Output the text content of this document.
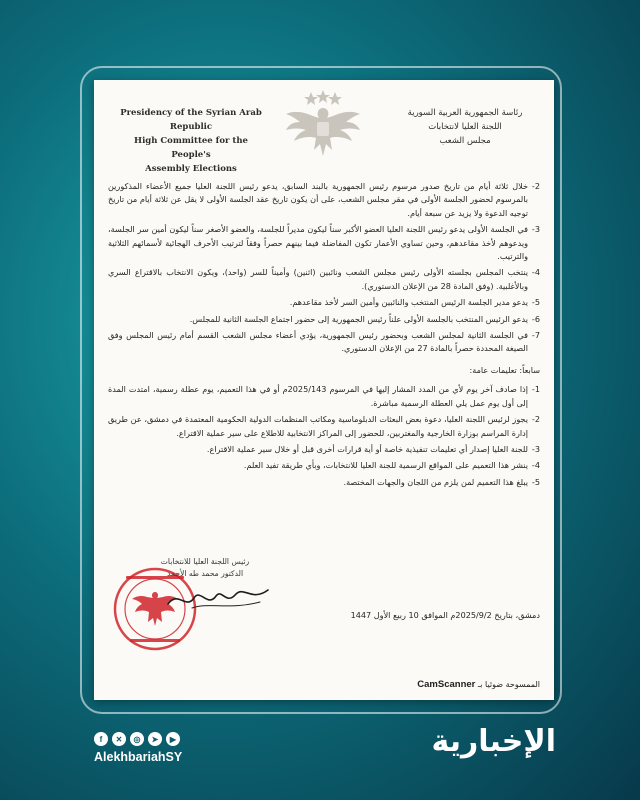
Presidency of the Syrian Arab Republic
High Committee for the People's
Assembly Elections
رئاسة الجمهورية العربية السورية
اللجنة العليا لانتخابات
مجلس الشعب
2-
خلال ثلاثة أيام من تاريخ صدور مرسوم رئيس الجمهورية بالبند السابق، يدعو رئيس اللجنة العليا جميع الأعضاء المذكورين بالمرسوم لحضور الجلسة الأولى في مقر مجلس الشعب، على أن يكون تاريخ عقد الجلسة الأولى لا يقل عن ثلاثة أيام من تاريخ توجيه الدعوة ولا يزيد عن سبعة أيام.
3-
في الجلسة الأولى يدعو رئيس اللجنة العليا العضو الأكبر سناً ليكون مديراً للجلسة، والعضو الأصغر سناً ليكون أمين سر الجلسة، ويدعوهم لأخذ مقاعدهم، وحين تساوي الأعمار تكون المفاضلة فيما بينهم حصراً وفقاً لترتيب الأحرف الهجائية لأسمائهم الثلاثية والترتيب.
4-
ينتخب المجلس بجلسته الأولى رئيس مجلس الشعب ونائبين (اثنين) وأميناً للسر (واحد)، ويكون الانتخاب بالاقتراع السري وبالأغلبية. (وفق المادة 28 من الإعلان الدستوري).
5-
يدعو مدير الجلسة الرئيس المنتخب والنائبين وأمين السر لأخذ مقاعدهم.
6-
يدعو الرئيس المنتخب بالجلسة الأولى علناً رئيس الجمهورية إلى حضور اجتماع الجلسة الثانية للمجلس.
7-
في الجلسة الثانية لمجلس الشعب وبحضور رئيس الجمهورية، يؤدي أعضاء مجلس الشعب القسم أمام رئيس المجلس وفق الصيغة المحددة حصراً بالمادة 27 من الإعلان الدستوري.
سابعاً: تعليمات عامة:
1-
إذا صادف آخر يوم لأي من المدد المشار إليها في المرسوم 2025/143م أو في هذا التعميم، يوم عطلة رسمية، امتدت المدة إلى أول يوم عمل يلي العطلة الرسمية مباشرة.
2-
يجوز لرئيس اللجنة العليا، دعوة بعض البعثات الدبلوماسية ومكاتب المنظمات الدولية الحكومية المعتمدة في دمشق، عن طريق إدارة المراسم بوزارة الخارجية والمغتربين، للحضور إلى المراكز الانتخابية للاطلاع على سير عملية الاقتراع.
3-
للجنة العليا إصدار أي تعليمات تنفيذية خاصة أو أية قرارات أخرى قبل أو خلال سير عملية الاقتراع.
4-
ينشر هذا التعميم على المواقع الرسمية للجنة العليا للانتخابات، وبأي طريقة تفيد العلم.
5-
يبلغ هذا التعميم لمن يلزم من اللجان والجهات المختصة.
رئيس اللجنة العليا للانتخابات
الدكتور محمد طه الأحمد
دمشق، بتاريخ 2025/9/2م الموافق 10 ربيع الأول 1447
الممسوحة ضوئيا بـ CamScanner
f	✕	◎	➤	▶
AlekhbariahSY	الإخبارية
